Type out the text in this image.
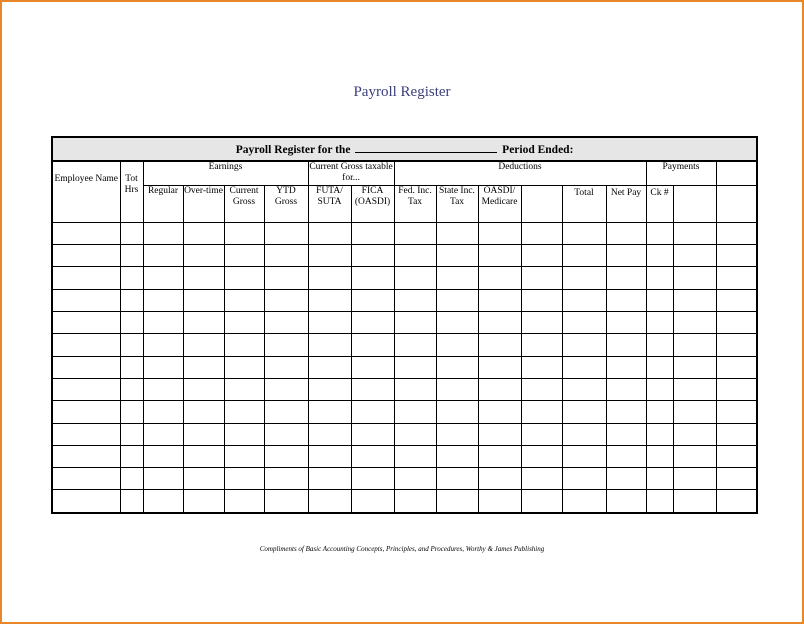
Payroll Register
Payroll Register for the Period Ended:																
Employee Name	Tot Hrs	Earnings				Current Gross taxable for...		Deductions						Payments		
		Regular	Over-time	Current Gross	YTD Gross	FUTA/ SUTA	FICA (OASDI)	Fed. Inc. Tax	State Inc. Tax	OASDI/ Medicare		Total	Net Pay	Ck #		

Compliments of Basic Accounting Concepts, Principles, and Procedures, Worthy & James Publishing
